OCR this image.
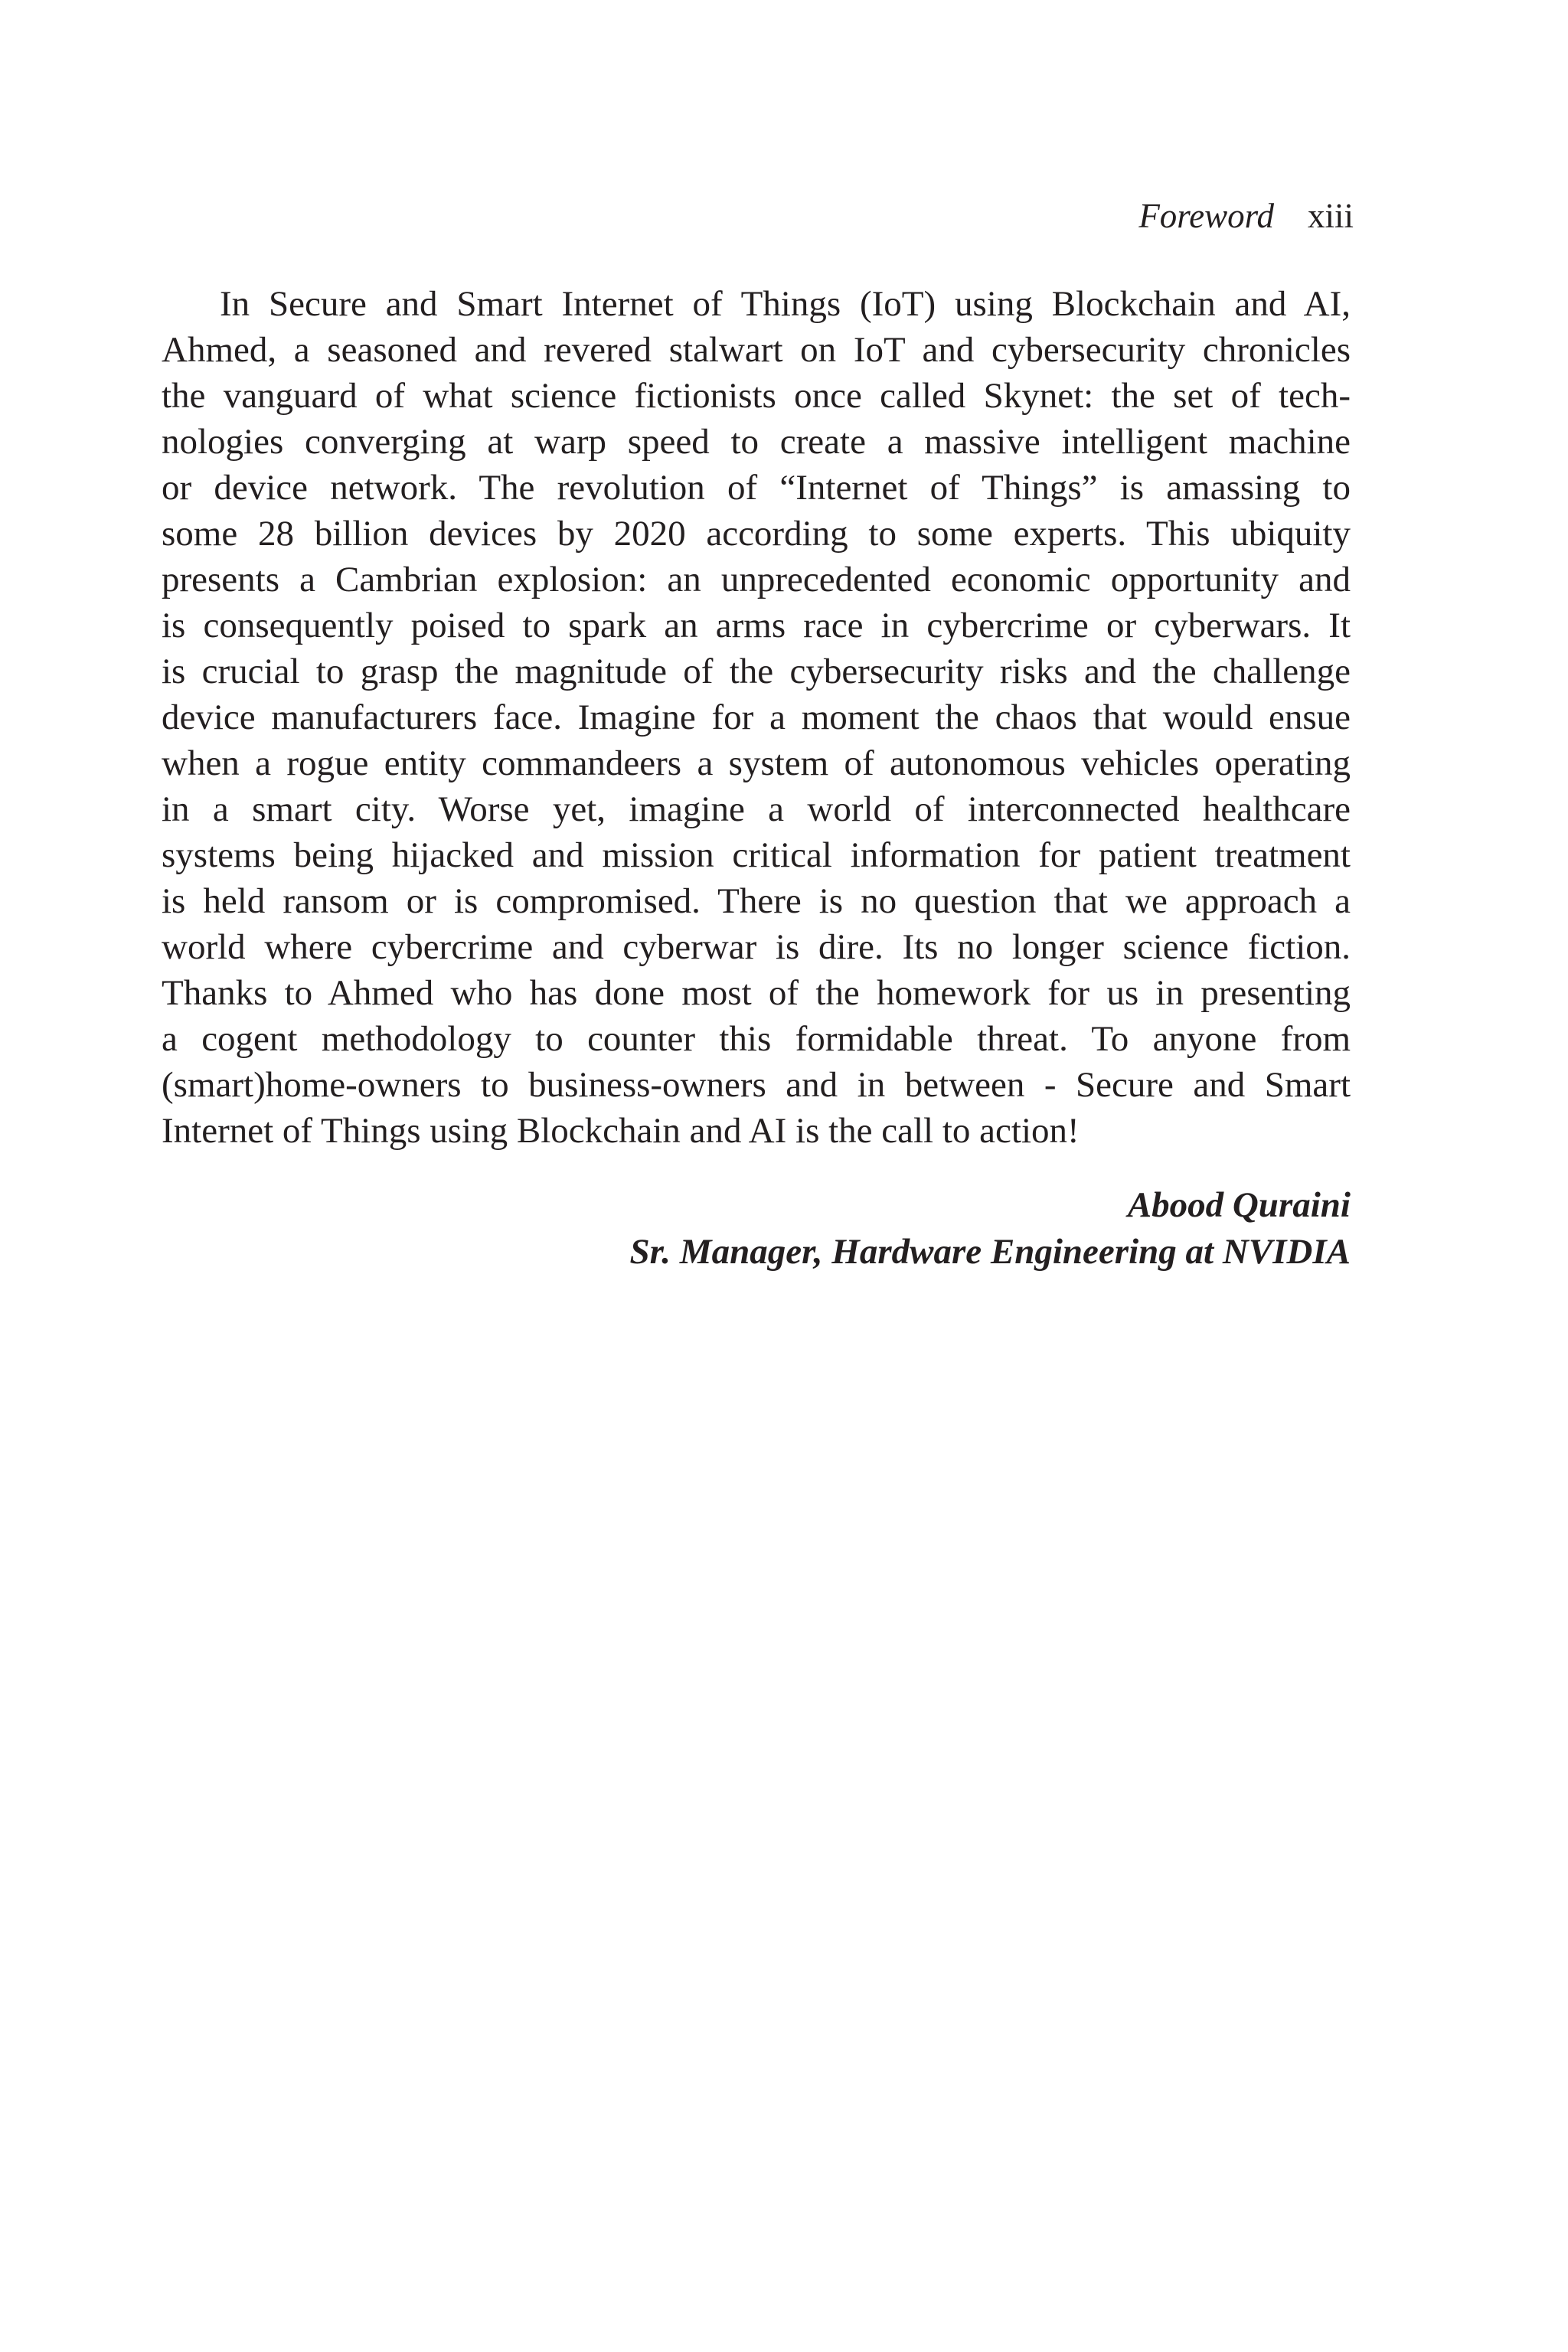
Foreword xiii
In Secure and Smart Internet of Things (IoT) using Blockchain and AI,
Ahmed, a seasoned and revered stalwart on IoT and cybersecurity chronicles
the vanguard of what science fictionists once called Skynet: the set of tech-
nologies converging at warp speed to create a massive intelligent machine
or device network. The revolution of “Internet of Things” is amassing to
some 28 billion devices by 2020 according to some experts. This ubiquity
presents a Cambrian explosion: an unprecedented economic opportunity and
is consequently poised to spark an arms race in cybercrime or cyberwars. It
is crucial to grasp the magnitude of the cybersecurity risks and the challenge
device manufacturers face. Imagine for a moment the chaos that would ensue
when a rogue entity commandeers a system of autonomous vehicles operating
in a smart city. Worse yet, imagine a world of interconnected healthcare
systems being hijacked and mission critical information for patient treatment
is held ransom or is compromised. There is no question that we approach a
world where cybercrime and cyberwar is dire. Its no longer science fiction.
Thanks to Ahmed who has done most of the homework for us in presenting
a cogent methodology to counter this formidable threat. To anyone from
(smart)home-owners to business-owners and in between - Secure and Smart
Internet of Things using Blockchain and AI is the call to action!
Abood Quraini
Sr. Manager, Hardware Engineering at NVIDIA
